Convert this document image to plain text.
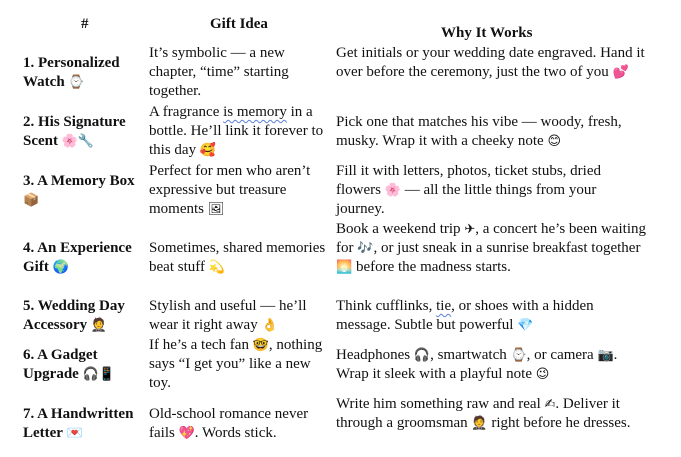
#	Gift Idea
Why It Works
1. Personalized Watch ⌚
It’s symbolic — a new chapter, “time” starting together.
Get initials or your wedding date engraved. Hand it over before the ceremony, just the two of you 💕
2. His Signature Scent 🌸🔧
A fragrance is memory in a bottle. He’ll link it forever to this day 🥰
Pick one that matches his vibe — woody, fresh, musky. Wrap it with a cheeky note 😊
3. A Memory Box
📦
Perfect for men who aren’t expressive but treasure moments 🖼
Fill it with letters, photos, ticket stubs, dried flowers 🌸 — all the little things from your journey.
4. An Experience Gift 🌍
Sometimes, shared memories beat stuff 💫
Book a weekend trip ✈, a concert he’s been waiting for 🎶, or just sneak in a sunrise breakfast together 🌅 before the madness starts.
5. Wedding Day Accessory 🤵
Stylish and useful — he’ll wear it right away 👌
Think cufflinks, tie, or shoes with a hidden message. Subtle but powerful 💎
6. A Gadget Upgrade 🎧📱
If he’s a tech fan 🤓, nothing says “I get you” like a new toy.
Headphones 🎧, smartwatch ⌚, or camera 📷. Wrap it sleek with a playful note 😉
7. A Handwritten Letter 💌
Old-school romance never fails 💖. Words stick.
Write him something raw and real ✍. Deliver it through a groomsman 🤵 right before he dresses.
